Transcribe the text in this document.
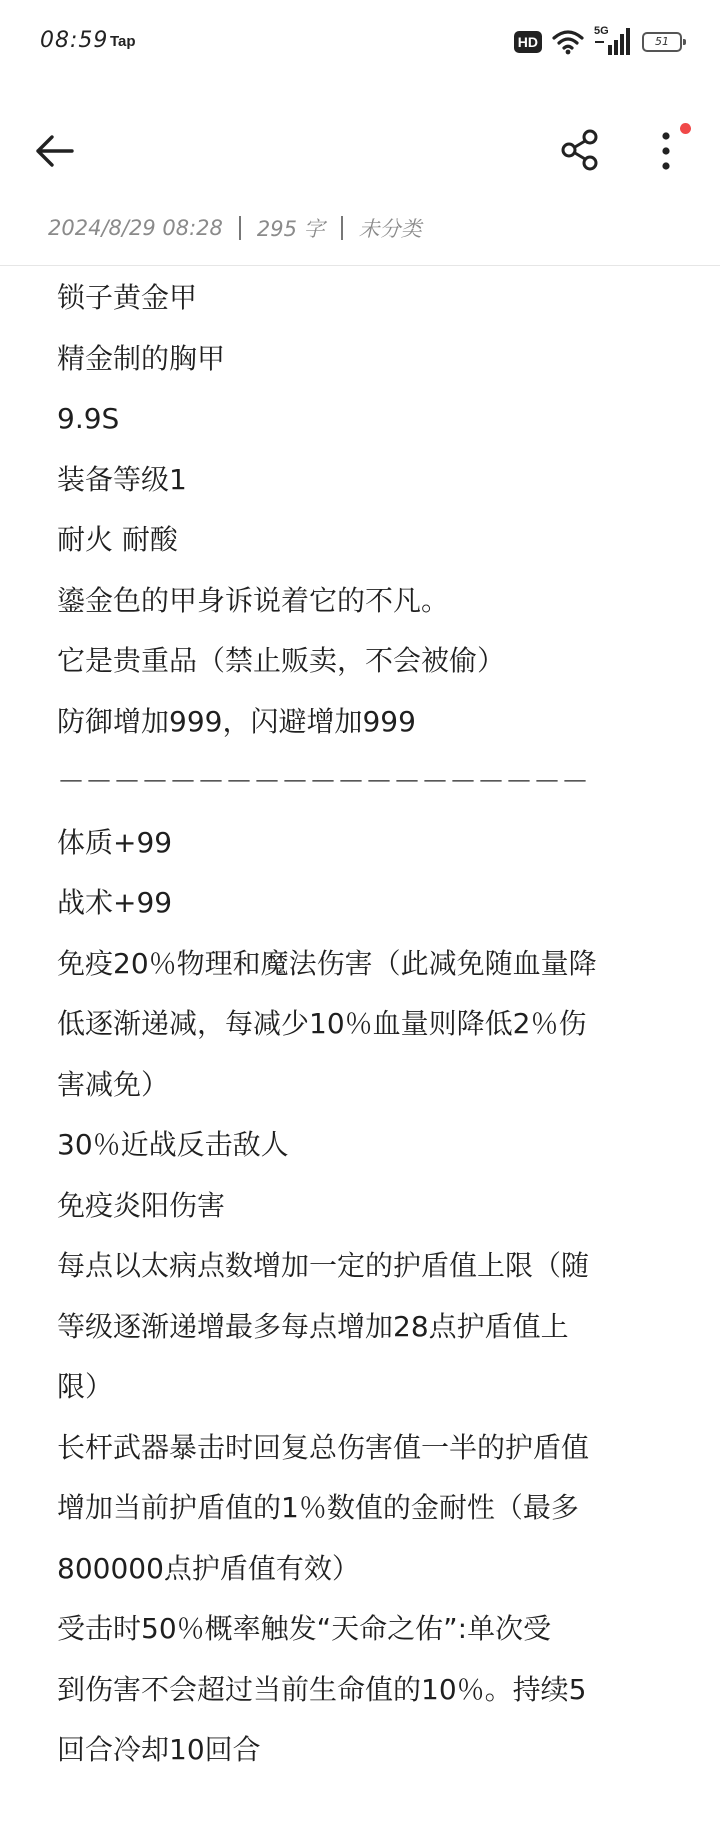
08:59 Tap	HD
5G
51
2024/8/29 08:28 295 字 未分类
锁子黄金甲
精金制的胸甲
9.9S
装备等级1
耐火 耐酸
鎏金色的甲身诉说着它的不凡。
它是贵重品（禁止贩卖，不会被偷）
防御增加999，闪避增加999
－－－－－－－－－－－－－－－－－－－
体质+99
战术+99
免疫20％物理和魔法伤害（此减免随血量降
低逐渐递减，每减少10％血量则降低2％伤
害减免）
30％近战反击敌人
免疫炎阳伤害
每点以太病点数增加一定的护盾值上限（随
等级逐渐递增最多每点增加28点护盾值上
限）
长杆武器暴击时回复总伤害值一半的护盾值
增加当前护盾值的1％数值的金耐性（最多
800000点护盾值有效）
受击时50％概率触发“天命之佑”:单次受
到伤害不会超过当前生命值的10％。持续5
回合冷却10回合
